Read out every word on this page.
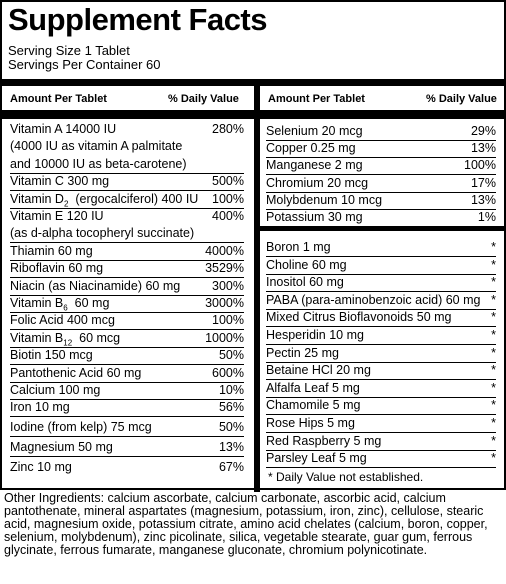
Supplement Facts
Serving Size 1 Tablet
Servings Per Container 60
Amount Per Tablet	% Daily Value	Amount Per Tablet	% Daily Value
Vitamin A 14000 IU	280%
(4000 IU as vitamin A palmitate
and 10000 IU as beta-carotene)
Vitamin C 300 mg	500%
Vitamin $D_2$  (ergocalciferol) 400 IU 100%
Vitamin E 120 IU	400%
(as d-alpha tocopheryl succinate)
Thiamin 60 mg	4000%
Riboflavin 60 mg	3529%
Niacin (as Niacinamide) 60 mg	300%
Vitamin $B_6$  60 mg	3000%
Folic Acid 400 mcg	100%
Vitamin $B_{12}$  60 mcg	1000%
Biotin 150 mcg	50%
Pantothenic Acid 60 mg	600%
Calcium 100 mg	10%
Iron 10 mg	56%
Iodine (from kelp) 75 mcg	50%
Magnesium 50 mg	13%
Zinc 10 mg	67%
Selenium 20 mcg	29%
Copper 0.25 mg	13%
Manganese 2 mg	100%
Chromium 20 mcg	17%
Molybdenum 10 mcg	13%
Potassium 30 mg	1%
Boron 1 mg	*
Choline 60 mg	*
Inositol 60 mg	*
PABA (para-aminobenzoic acid) 60 mg *
Mixed Citrus Bioflavonoids 50 mg	*
Hesperidin 10 mg	*
Pectin 25 mg	*
Betaine HCl 20 mg	*
Alfalfa Leaf 5 mg	*
Chamomile 5 mg	*
Rose Hips 5 mg	*
Red Raspberry 5 mg	*
Parsley Leaf 5 mg	*
* Daily Value not established.
Other Ingredients: calcium ascorbate, calcium carbonate, ascorbic acid, calcium pantothenate, mineral aspartates (magnesium, potassium, iron, zinc), cellulose, stearic acid, magnesium oxide, potassium citrate, amino acid chelates (calcium, boron, copper, selenium, molybdenum), zinc picolinate, silica, vegetable stearate, guar gum, ferrous glycinate, ferrous fumarate, manganese gluconate, chromium polynicotinate.
